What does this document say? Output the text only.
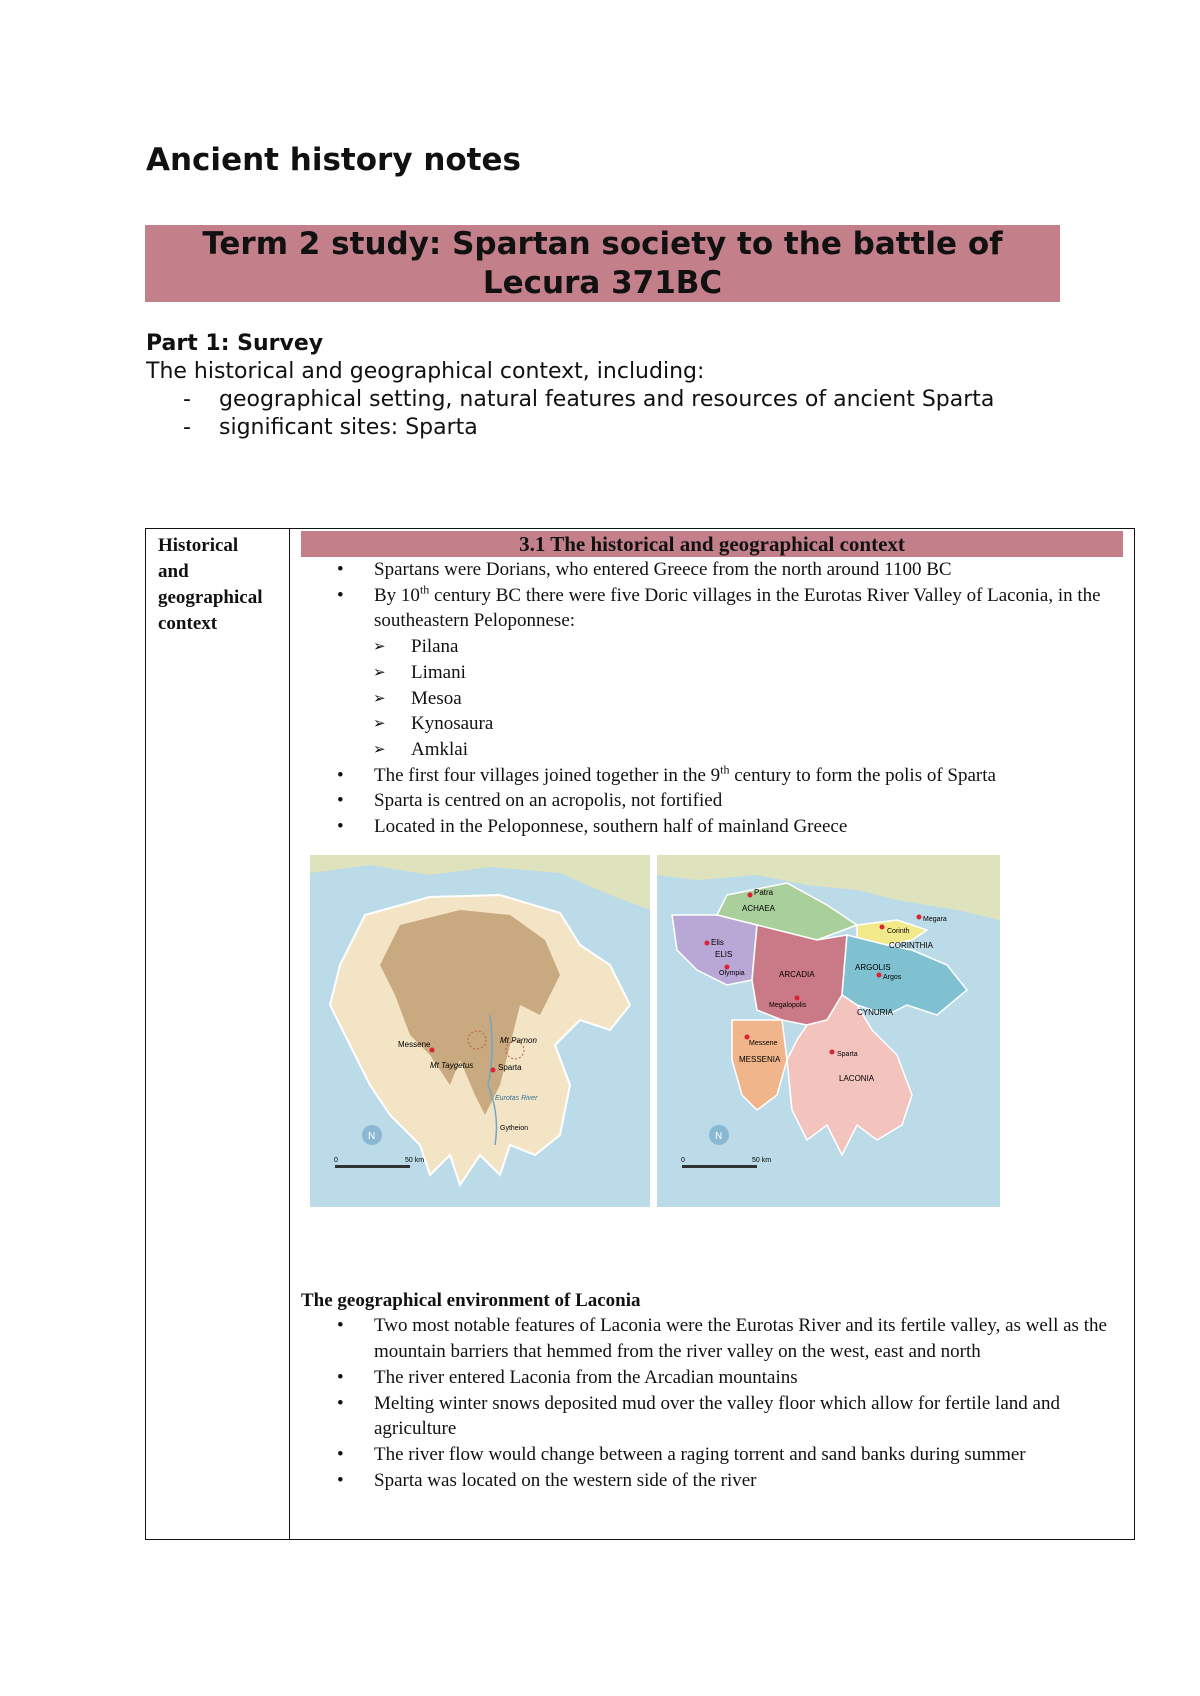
Ancient history notes
Term 2 study: Spartan society to the battle of
Lecura 371BC
Part 1: Survey
The historical and geographical context, including:
- geographical setting, natural features and resources of ancient Sparta
- significant sites: Sparta
Historical
and
geographical
context
3.1 The historical and geographical context
• Spartans were Dorians, who entered Greece from the north around 1100 BC
• By 10th century BC there were five Doric villages in the Eurotas River Valley of Laconia, in the southeastern Peloponnese:
➢ Pilana
➢ Limani
➢ Mesoa
➢ Kynosaura
➢ Amklai
• The first four villages joined together in the 9th century to form the polis of Sparta
• Sparta is centred on an acropolis, not fortified
• Located in the Peloponnese, southern half of mainland Greece
Messene
Mt Taygetus
Mt Parnon
Sparta
Eurotas River
Gytheion
N
0	50 km
Patra
ACHAEA
Elis
ELIS
Olympia	ARCADIA
Megalopolis
ARGOLIS
Argos
Corinth
CORINTHIA
Megara
CYNURIA
Messene
MESSENIA
Sparta
LACONIA
N
0	50 km
The geographical environment of Laconia
• Two most notable features of Laconia were the Eurotas River and its fertile valley, as well as the mountain barriers that hemmed from the river valley on the west, east and north
• The river entered Laconia from the Arcadian mountains
• Melting winter snows deposited mud over the valley floor which allow for fertile land and agriculture
• The river flow would change between a raging torrent and sand banks during summer
• Sparta was located on the western side of the river
